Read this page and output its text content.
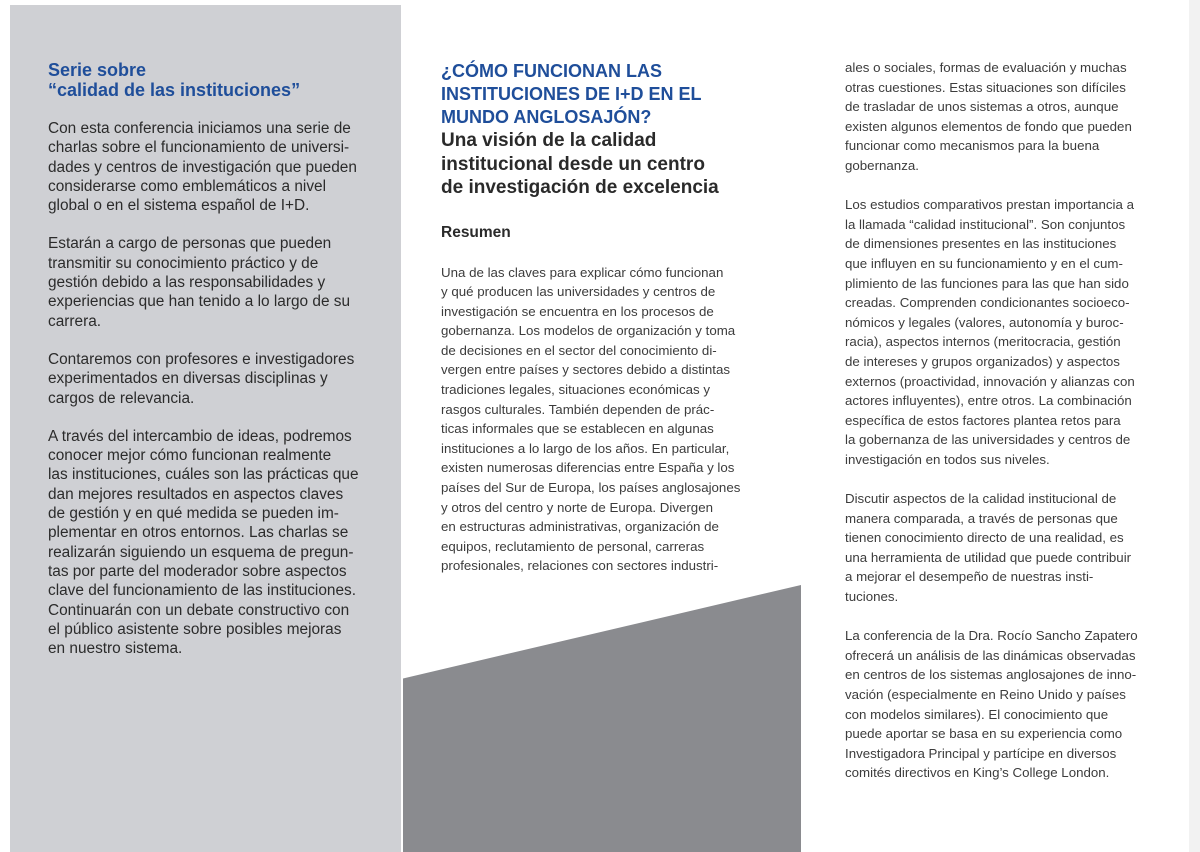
Serie sobre
“calidad de las instituciones”

Con esta conferencia iniciamos una serie de
charlas sobre el funcionamiento de universi-
dades y centros de investigación que pueden
considerarse como emblemáticos a nivel
global o en el sistema español de I+D.

Estarán a cargo de personas que pueden
transmitir su conocimiento práctico y de
gestión debido a las responsabilidades y
experiencias que han tenido a lo largo de su
carrera.

Contaremos con profesores e investigadores
experimentados en diversas disciplinas y
cargos de relevancia.

A través del intercambio de ideas, podremos
conocer mejor cómo funcionan realmente
las instituciones, cuáles son las prácticas que
dan mejores resultados en aspectos claves
de gestión y en qué medida se pueden im-
plementar en otros entornos. Las charlas se
realizarán siguiendo un esquema de pregun-
tas por parte del moderador sobre aspectos
clave del funcionamiento de las instituciones.
Continuarán con un debate constructivo con
el público asistente sobre posibles mejoras
en nuestro sistema.

¿CÓMO FUNCIONAN LAS
INSTITUCIONES DE I+D EN EL
MUNDO ANGLOSAJÓN?
Una visión de la calidad
institucional desde un centro
de investigación de excelencia
Resumen

Una de las claves para explicar cómo funcionan
y qué producen las universidades y centros de
investigación se encuentra en los procesos de
gobernanza. Los modelos de organización y toma
de decisiones en el sector del conocimiento di-
vergen entre países y sectores debido a distintas
tradiciones legales, situaciones económicas y
rasgos culturales. También dependen de prác-
ticas informales que se establecen en algunas
instituciones a lo largo de los años. En particular,
existen numerosas diferencias entre España y los
países del Sur de Europa, los países anglosajones
y otros del centro y norte de Europa. Divergen
en estructuras administrativas, organización de
equipos, reclutamiento de personal, carreras
profesionales, relaciones con sectores industri-

ales o sociales, formas de evaluación y muchas
otras cuestiones. Estas situaciones son difíciles
de trasladar de unos sistemas a otros, aunque
existen algunos elementos de fondo que pueden
funcionar como mecanismos para la buena
gobernanza.

Los estudios comparativos prestan importancia a
la llamada “calidad institucional”. Son conjuntos
de dimensiones presentes en las instituciones
que influyen en su funcionamiento y en el cum-
plimiento de las funciones para las que han sido
creadas. Comprenden condicionantes socioeco-
nómicos y legales (valores, autonomía y buroc-
racia), aspectos internos (meritocracia, gestión
de intereses y grupos organizados) y aspectos
externos (proactividad, innovación y alianzas con
actores influyentes), entre otros. La combinación
específica de estos factores plantea retos para
la gobernanza de las universidades y centros de
investigación en todos sus niveles.

Discutir aspectos de la calidad institucional de
manera comparada, a través de personas que
tienen conocimiento directo de una realidad, es
una herramienta de utilidad que puede contribuir
a mejorar el desempeño de nuestras insti-
tuciones.

La conferencia de la Dra. Rocío Sancho Zapatero
ofrecerá un análisis de las dinámicas observadas
en centros de los sistemas anglosajones de inno-
vación (especialmente en Reino Unido y países
con modelos similares). El conocimiento que
puede aportar se basa en su experiencia como
Investigadora Principal y partícipe en diversos
comités directivos en King’s College London.
